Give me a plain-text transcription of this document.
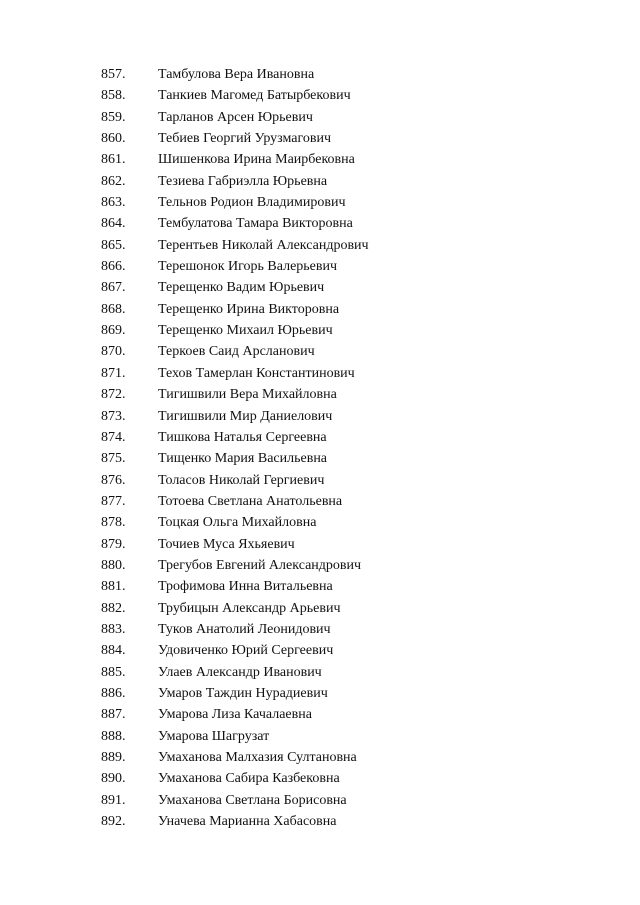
857.	Тамбулова Вера Ивановна
858.	Танкиев Магомед Батырбекович
859.	Тарланов Арсен Юрьевич
860.	Тебиев Георгий Урузмагович
861.	Шишенкова Ирина Маирбековна
862.	Тезиева Габриэлла Юрьевна
863.	Тельнов Родион Владимирович
864.	Тембулатова Тамара Викторовна
865.	Терентьев Николай Александрович
866.	Терешонок Игорь Валерьевич
867.	Терещенко Вадим Юрьевич
868.	Терещенко Ирина Викторовна
869.	Терещенко Михаил Юрьевич
870.	Теркоев Саид Арсланович
871.	Техов Тамерлан Константинович
872.	Тигишвили Вера Михайловна
873.	Тигишвили Мир Даниелович
874.	Тишкова Наталья Сергеевна
875.	Тищенко Мария Васильевна
876.	Толасов Николай Гергиевич
877.	Тотоева Светлана Анатольевна
878.	Тоцкая Ольга Михайловна
879.	Точиев Муса Яхьяевич
880.	Трегубов Евгений Александрович
881.	Трофимова Инна Витальевна
882.	Трубицын Александр Арьевич
883.	Туков Анатолий Леонидович
884.	Удовиченко Юрий Сергеевич
885.	Улаев Александр Иванович
886.	Умаров Таждин Нурадиевич
887.	Умарова Лиза Качалаевна
888.	Умарова Шагрузат
889.	Умаханова Малхазия Султановна
890.	Умаханова Сабира Казбековна
891.	Умаханова Светлана Борисовна
892.	Уначева Марианна Хабасовна
